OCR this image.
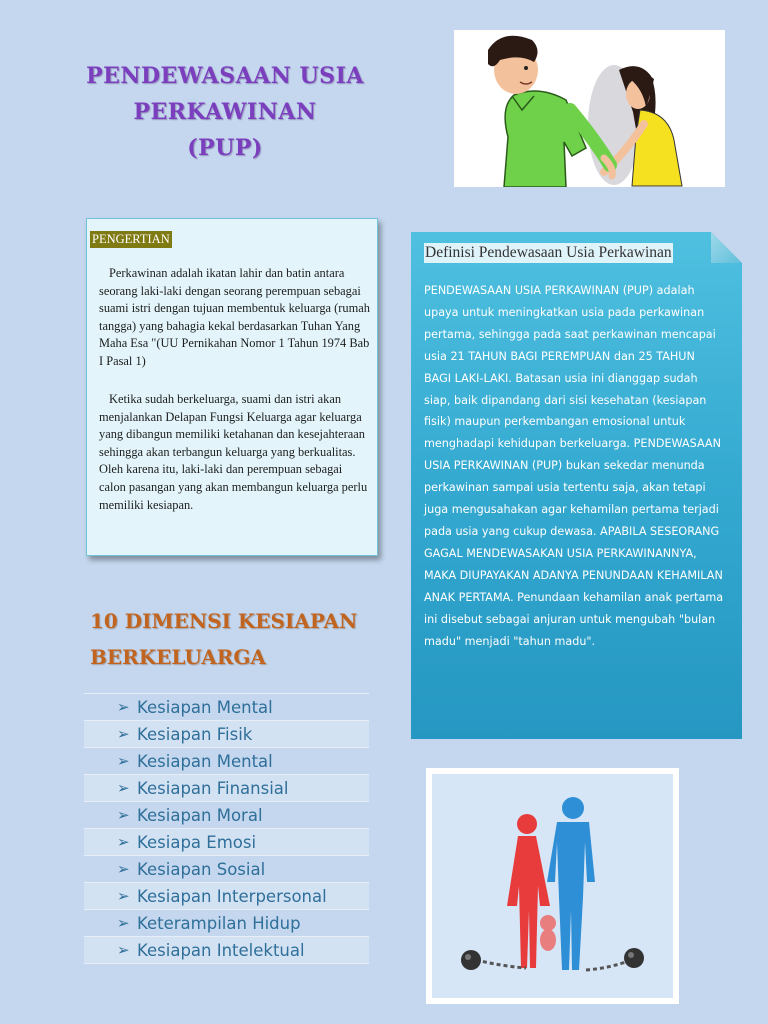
PENDEWASAAN USIA
PERKAWINAN
(PUP)
PENGERTIAN

Perkawinan adalah ikatan lahir dan batin antara seorang laki-laki dengan seorang perempuan sebagai suami istri dengan tujuan membentuk keluarga (rumah tangga) yang bahagia kekal berdasarkan Tuhan Yang Maha Esa "(UU Pernikahan Nomor 1 Tahun 1974 Bab I Pasal 1)

Ketika sudah berkeluarga, suami dan istri akan menjalankan Delapan Fungsi Keluarga agar keluarga yang dibangun memiliki ketahanan dan kesejahteraan sehingga akan terbangun keluarga yang berkualitas. Oleh karena itu, laki-laki dan perempuan sebagai calon pasangan yang akan membangun keluarga perlu memiliki kesiapan.

Definisi Pendewasaan Usia Perkawinan

PENDEWASAAN USIA PERKAWINAN (PUP) adalah upaya untuk meningkatkan usia pada perkawinan pertama, sehingga pada saat perkawinan mencapai usia 21 TAHUN BAGI PEREMPUAN dan 25 TAHUN BAGI LAKI-LAKI. Batasan usia ini dianggap sudah siap, baik dipandang dari sisi kesehatan (kesiapan fisik) maupun perkembangan emosional untuk menghadapi kehidupan berkeluarga. PENDEWASAAN USIA PERKAWINAN (PUP) bukan sekedar menunda perkawinan sampai usia tertentu saja, akan tetapi juga mengusahakan agar kehamilan pertama terjadi pada usia yang cukup dewasa. APABILA SESEORANG GAGAL MENDEWASAKAN USIA PERKAWINANNYA, MAKA DIUPAYAKAN ADANYA PENUNDAAN KEHAMILAN ANAK PERTAMA. Penundaan kehamilan anak pertama ini disebut sebagai anjuran untuk mengubah "bulan madu" menjadi "tahun madu".

10 DIMENSI KESIAPAN
BERKELUARGA
➢ Kesiapan Mental
➢ Kesiapan Fisik
➢ Kesiapan Mental
➢ Kesiapan Finansial
➢ Kesiapan Moral
➢ Kesiapa Emosi
➢ Kesiapan Sosial
➢ Kesiapan Interpersonal
➢ Keterampilan Hidup
➢ Kesiapan Intelektual
